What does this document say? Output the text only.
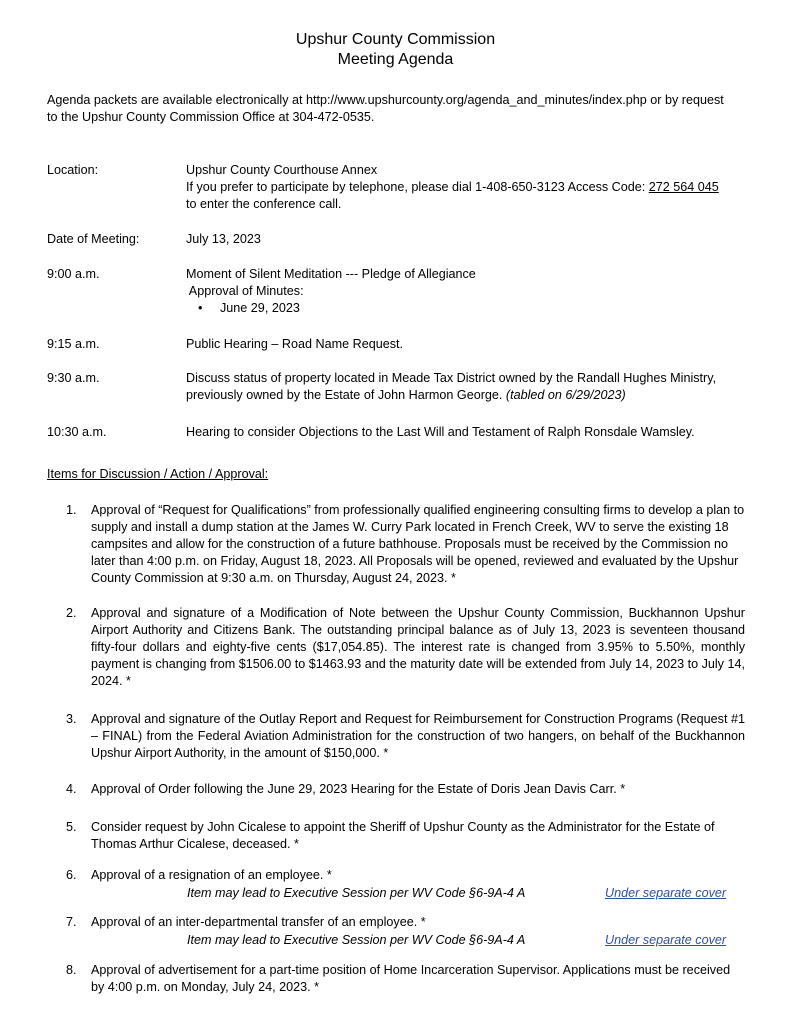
Upshur County Commission
Meeting Agenda
Agenda packets are available electronically at http://www.upshurcounty.org/agenda_and_minutes/index.php or by request
to the Upshur County Commission Office at 304-472-0535.
Location:	Upshur County Courthouse Annex
If you prefer to participate by telephone, please dial 1-408-650-3123 Access Code: 272 564 045
to enter the conference call.
Date of Meeting:	July 13, 2023
9:00 a.m.	Moment of Silent Meditation --- Pledge of Allegiance
Approval of Minutes:
• June 29, 2023
9:15 a.m.	Public Hearing – Road Name Request.
9:30 a.m.	Discuss status of property located in Meade Tax District owned by the Randall Hughes Ministry,
previously owned by the Estate of John Harmon George. (tabled on 6/29/2023)
10:30 a.m.	Hearing to consider Objections to the Last Will and Testament of Ralph Ronsdale Wamsley.
Items for Discussion / Action / Approval:
1. Approval of “Request for Qualifications” from professionally qualified engineering consulting firms to develop a plan to supply and install a dump station at the James W. Curry Park located in French Creek, WV to serve the existing 18 campsites and allow for the construction of a future bathhouse. Proposals must be received by the Commission no later than 4:00 p.m. on Friday, August 18, 2023. All Proposals will be opened, reviewed and evaluated by the Upshur County Commission at 9:30 a.m. on Thursday, August 24, 2023. *
2. Approval and signature of a Modification of Note between the Upshur County Commission, Buckhannon Upshur Airport Authority and Citizens Bank. The outstanding principal balance as of July 13, 2023 is seventeen thousand fifty-four dollars and eighty-five cents ($17,054.85). The interest rate is changed from 3.95% to 5.50%, monthly payment is changing from $1506.00 to $1463.93 and the maturity date will be extended from July 14, 2023 to July 14, 2024. *
3. Approval and signature of the Outlay Report and Request for Reimbursement for Construction Programs (Request #1 – FINAL) from the Federal Aviation Administration for the construction of two hangers, on behalf of the Buckhannon Upshur Airport Authority, in the amount of $150,000. *
4. Approval of Order following the June 29, 2023 Hearing for the Estate of Doris Jean Davis Carr. *
5. Consider request by John Cicalese to appoint the Sheriff of Upshur County as the Administrator for the Estate of Thomas Arthur Cicalese, deceased. *
6. Approval of a resignation of an employee. *
Item may lead to Executive Session per WV Code §6-9A-4 A	Under separate cover
7. Approval of an inter-departmental transfer of an employee. *
Item may lead to Executive Session per WV Code §6-9A-4 A	Under separate cover
8. Approval of advertisement for a part-time position of Home Incarceration Supervisor. Applications must be received by 4:00 p.m. on Monday, July 24, 2023. *
